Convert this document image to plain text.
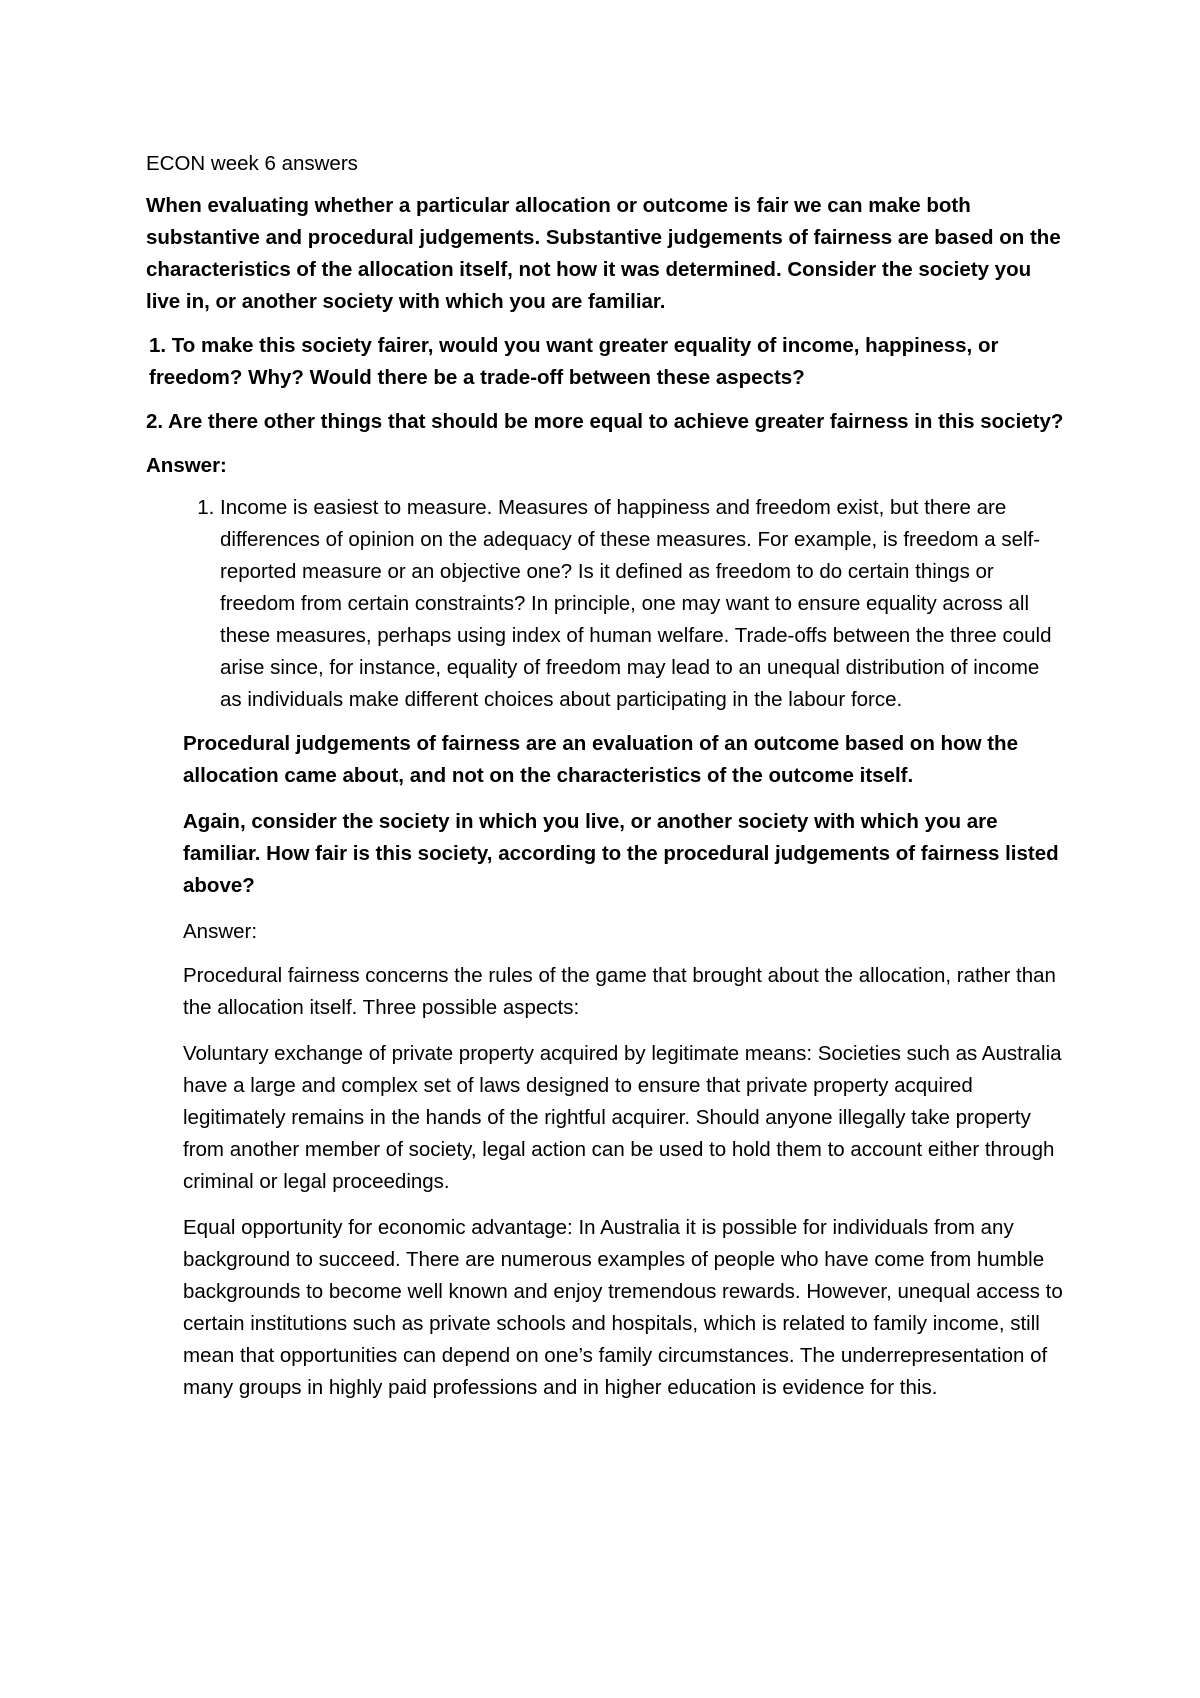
ECON week 6 answers

When evaluating whether a particular allocation or outcome is fair we can make both substantive and procedural judgements. Substantive judgements of fairness are based on the characteristics of the allocation itself, not how it was determined. Consider the society you live in, or another society with which you are familiar.

1. To make this society fairer, would you want greater equality of income, happiness, or freedom? Why? Would there be a trade-off between these aspects?

2. Are there other things that should be more equal to achieve greater fairness in this society?

Answer:

1. Income is easiest to measure. Measures of happiness and freedom exist, but there are differences of opinion on the adequacy of these measures. For example, is freedom a self-reported measure or an objective one? Is it defined as freedom to do certain things or freedom from certain constraints? In principle, one may want to ensure equality across all these measures, perhaps using index of human welfare. Trade-offs between the three could arise since, for instance, equality of freedom may lead to an unequal distribution of income as individuals make different choices about participating in the labour force.

Procedural judgements of fairness are an evaluation of an outcome based on how the allocation came about, and not on the characteristics of the outcome itself.

Again, consider the society in which you live, or another society with which you are familiar. How fair is this society, according to the procedural judgements of fairness listed above?

Answer:

Procedural fairness concerns the rules of the game that brought about the allocation, rather than the allocation itself. Three possible aspects:

Voluntary exchange of private property acquired by legitimate means: Societies such as Australia have a large and complex set of laws designed to ensure that private property acquired legitimately remains in the hands of the rightful acquirer. Should anyone illegally take property from another member of society, legal action can be used to hold them to account either through criminal or legal proceedings.

Equal opportunity for economic advantage: In Australia it is possible for individuals from any background to succeed. There are numerous examples of people who have come from humble backgrounds to become well known and enjoy tremendous rewards. However, unequal access to certain institutions such as private schools and hospitals, which is related to family income, still mean that opportunities can depend on one’s family circumstances. The underrepresentation of many groups in highly paid professions and in higher education is evidence for this.
